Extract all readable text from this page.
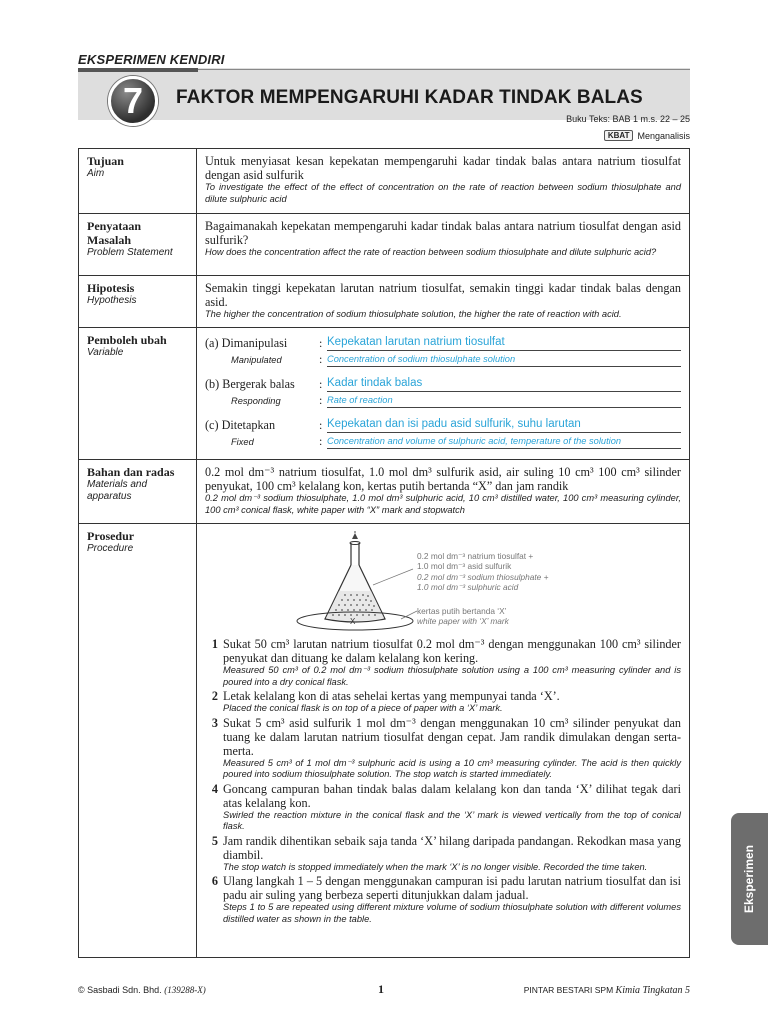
EKSPERIMEN KENDIRI
7 FAKTOR MEMPENGARUHI KADAR TINDAK BALAS
Buku Teks: BAB 1 m.s. 22 – 25
KBAT Menganalisis
Tujuan
Aim
Untuk menyiasat kesan kepekatan mempengaruhi kadar tindak balas antara natrium tiosulfat dengan asid sulfurik
To investigate the effect of the effect of concentration on the rate of reaction between sodium thiosulphate and dilute sulphuric acid
Penyataan
Masalah
Problem Statement
Bagaimanakah kepekatan mempengaruhi kadar tindak balas antara natrium tiosulfat dengan asid sulfurik?
How does the concentration affect the rate of reaction between sodium thiosulphate and dilute sulphuric acid?
Hipotesis
Hypothesis
Semakin tinggi kepekatan larutan natrium tiosulfat, semakin tinggi kadar tindak balas dengan asid.
The higher the concentration of sodium thiosulphate solution, the higher the rate of reaction with acid.
Pemboleh ubah
Variable
(a) Dimanipulasi	: Kepekatan larutan natrium tiosulfat
Manipulated	: Concentration of sodium thiosulphate solution
(b) Bergerak balas	: Kadar tindak balas
Responding	: Rate of reaction
(c) Ditetapkan	: Kepekatan dan isi padu asid sulfurik, suhu larutan
Fixed	: Concentration and volume of sulphuric acid, temperature of the solution
Bahan dan radas
Materials and
apparatus
0.2 mol dm⁻³ natrium tiosulfat, 1.0 mol dm³ sulfurik asid, air suling 10 cm³ 100 cm³ silinder penyukat, 100 cm³ kelalang kon, kertas putih bertanda “X” dan jam randik
0.2 mol dm⁻³ sodium thiosulphate, 1.0 mol dm³ sulphuric acid, 10 cm³ distilled water, 100 cm³ measuring cylinder, 100 cm³ conical flask, white paper with “X” mark and stopwatch
Prosedur
Procedure
X
0.2 mol dm⁻³ natrium tiosulfat +
1.0 mol dm⁻³ asid sulfurik
0.2 mol dm⁻³ sodium thiosulphate +
1.0 mol dm⁻³ sulphuric acid
kertas putih bertanda ‘X’
white paper with ‘X’ mark
1 Sukat 50 cm³ larutan natrium tiosulfat 0.2 mol dm⁻³ dengan menggunakan 100 cm³ silinder penyukat dan dituang ke dalam kelalang kon kering.
Measured 50 cm³ of 0.2 mol dm⁻³ sodium thiosulphate solution using a 100 cm³ measuring cylinder and is poured into a dry conical flask.
2 Letak kelalang kon di atas sehelai kertas yang mempunyai tanda ‘X’.
Placed the conical flask is on top of a piece of paper with a ‘X’ mark.
3 Sukat 5 cm³ asid sulfurik 1 mol dm⁻³ dengan menggunakan 10 cm³ silinder penyukat dan tuang ke dalam larutan natrium tiosulfat dengan cepat. Jam randik dimulakan dengan serta-merta.
Measured 5 cm³ of 1 mol dm⁻³ sulphuric acid is using a 10 cm³ measuring cylinder. The acid is then quickly poured into sodium thiosulphate solution. The stop watch is started immediately.
4 Goncang campuran bahan tindak balas dalam kelalang kon dan tanda ‘X’ dilihat tegak dari atas kelalang kon.
Swirled the reaction mixture in the conical flask and the ‘X’ mark is viewed vertically from the top of conical flask.
5 Jam randik dihentikan sebaik saja tanda ‘X’ hilang daripada pandangan. Rekodkan masa yang diambil.
The stop watch is stopped immediately when the mark ‘X’ is no longer visible. Recorded the time taken.
6 Ulang langkah 1 – 5 dengan menggunakan campuran isi padu larutan natrium tiosulfat dan isi padu air suling yang berbeza seperti ditunjukkan dalam jadual.
Steps 1 to 5 are repeated using different mixture volume of sodium thiosulphate solution with different volumes distilled water as shown in the table.
Eksperimen
© Sasbadi Sdn. Bhd. (139288-X)	1	PINTAR BESTARI SPM Kimia Tingkatan 5
